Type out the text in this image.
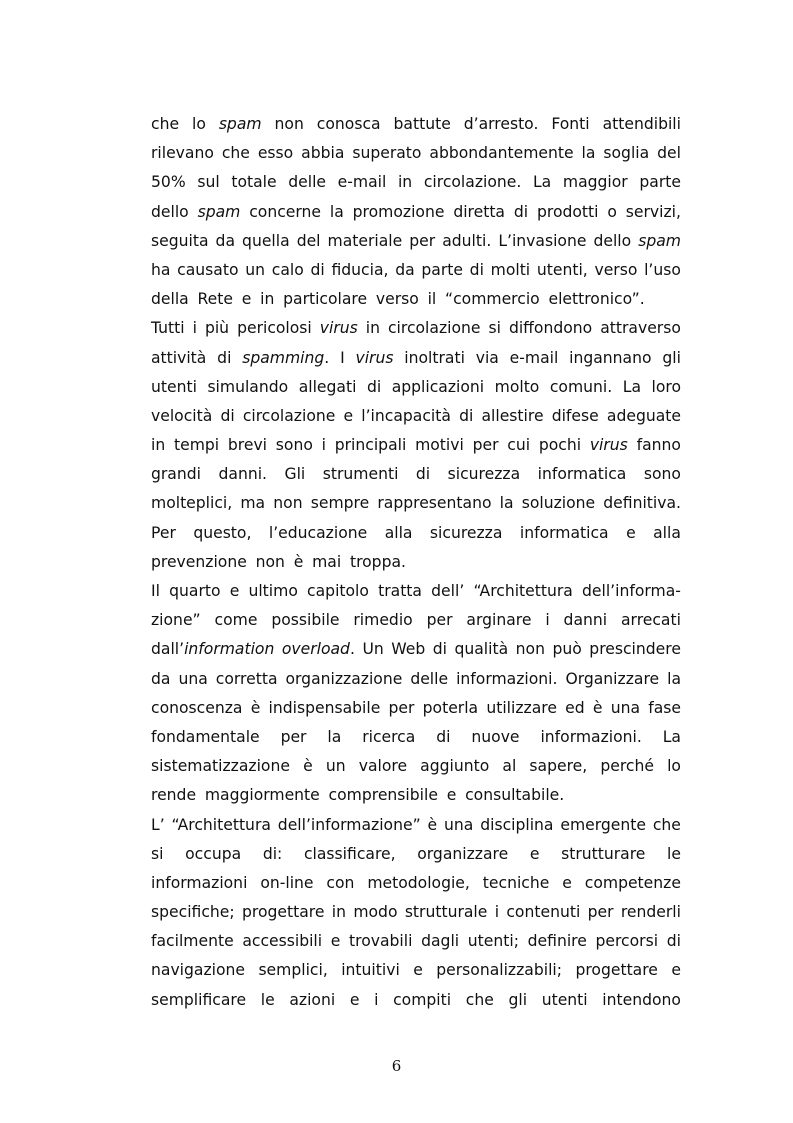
che lo spam non conosca battute d’arresto. Fonti attendibili
rilevano che esso abbia superato abbondantemente la soglia del
50% sul totale delle e-mail in circolazione. La maggior parte
dello spam concerne la promozione diretta di prodotti o servizi,
seguita da quella del materiale per adulti. L’invasione dello spam
ha causato un calo di fiducia, da parte di molti utenti, verso l’uso
della Rete e in particolare verso il “commercio elettronico”.
Tutti i più pericolosi virus in circolazione si diffondono attraverso
attività di spamming. I virus inoltrati via e-mail ingannano gli
utenti simulando allegati di applicazioni molto comuni. La loro
velocità di circolazione e l’incapacità di allestire difese adeguate
in tempi brevi sono i principali motivi per cui pochi virus fanno
grandi danni. Gli strumenti di sicurezza informatica sono
molteplici, ma non sempre rappresentano la soluzione definitiva.
Per questo, l’educazione alla sicurezza informatica e alla
prevenzione non è mai troppa.
Il quarto e ultimo capitolo tratta dell’ “Architettura dell’informa-
zione” come possibile rimedio per arginare i danni arrecati
dall’information overload. Un Web di qualità non può prescindere
da una corretta organizzazione delle informazioni. Organizzare la
conoscenza è indispensabile per poterla utilizzare ed è una fase
fondamentale per la ricerca di nuove informazioni. La
sistematizzazione è un valore aggiunto al sapere, perché lo
rende maggiormente comprensibile e consultabile.
L’ “Architettura dell’informazione” è una disciplina emergente che
si occupa di: classificare, organizzare e strutturare le
informazioni on-line con metodologie, tecniche e competenze
specifiche; progettare in modo strutturale i contenuti per renderli
facilmente accessibili e trovabili dagli utenti; definire percorsi di
navigazione semplici, intuitivi e personalizzabili; progettare e
semplificare le azioni e i compiti che gli utenti intendono
6
